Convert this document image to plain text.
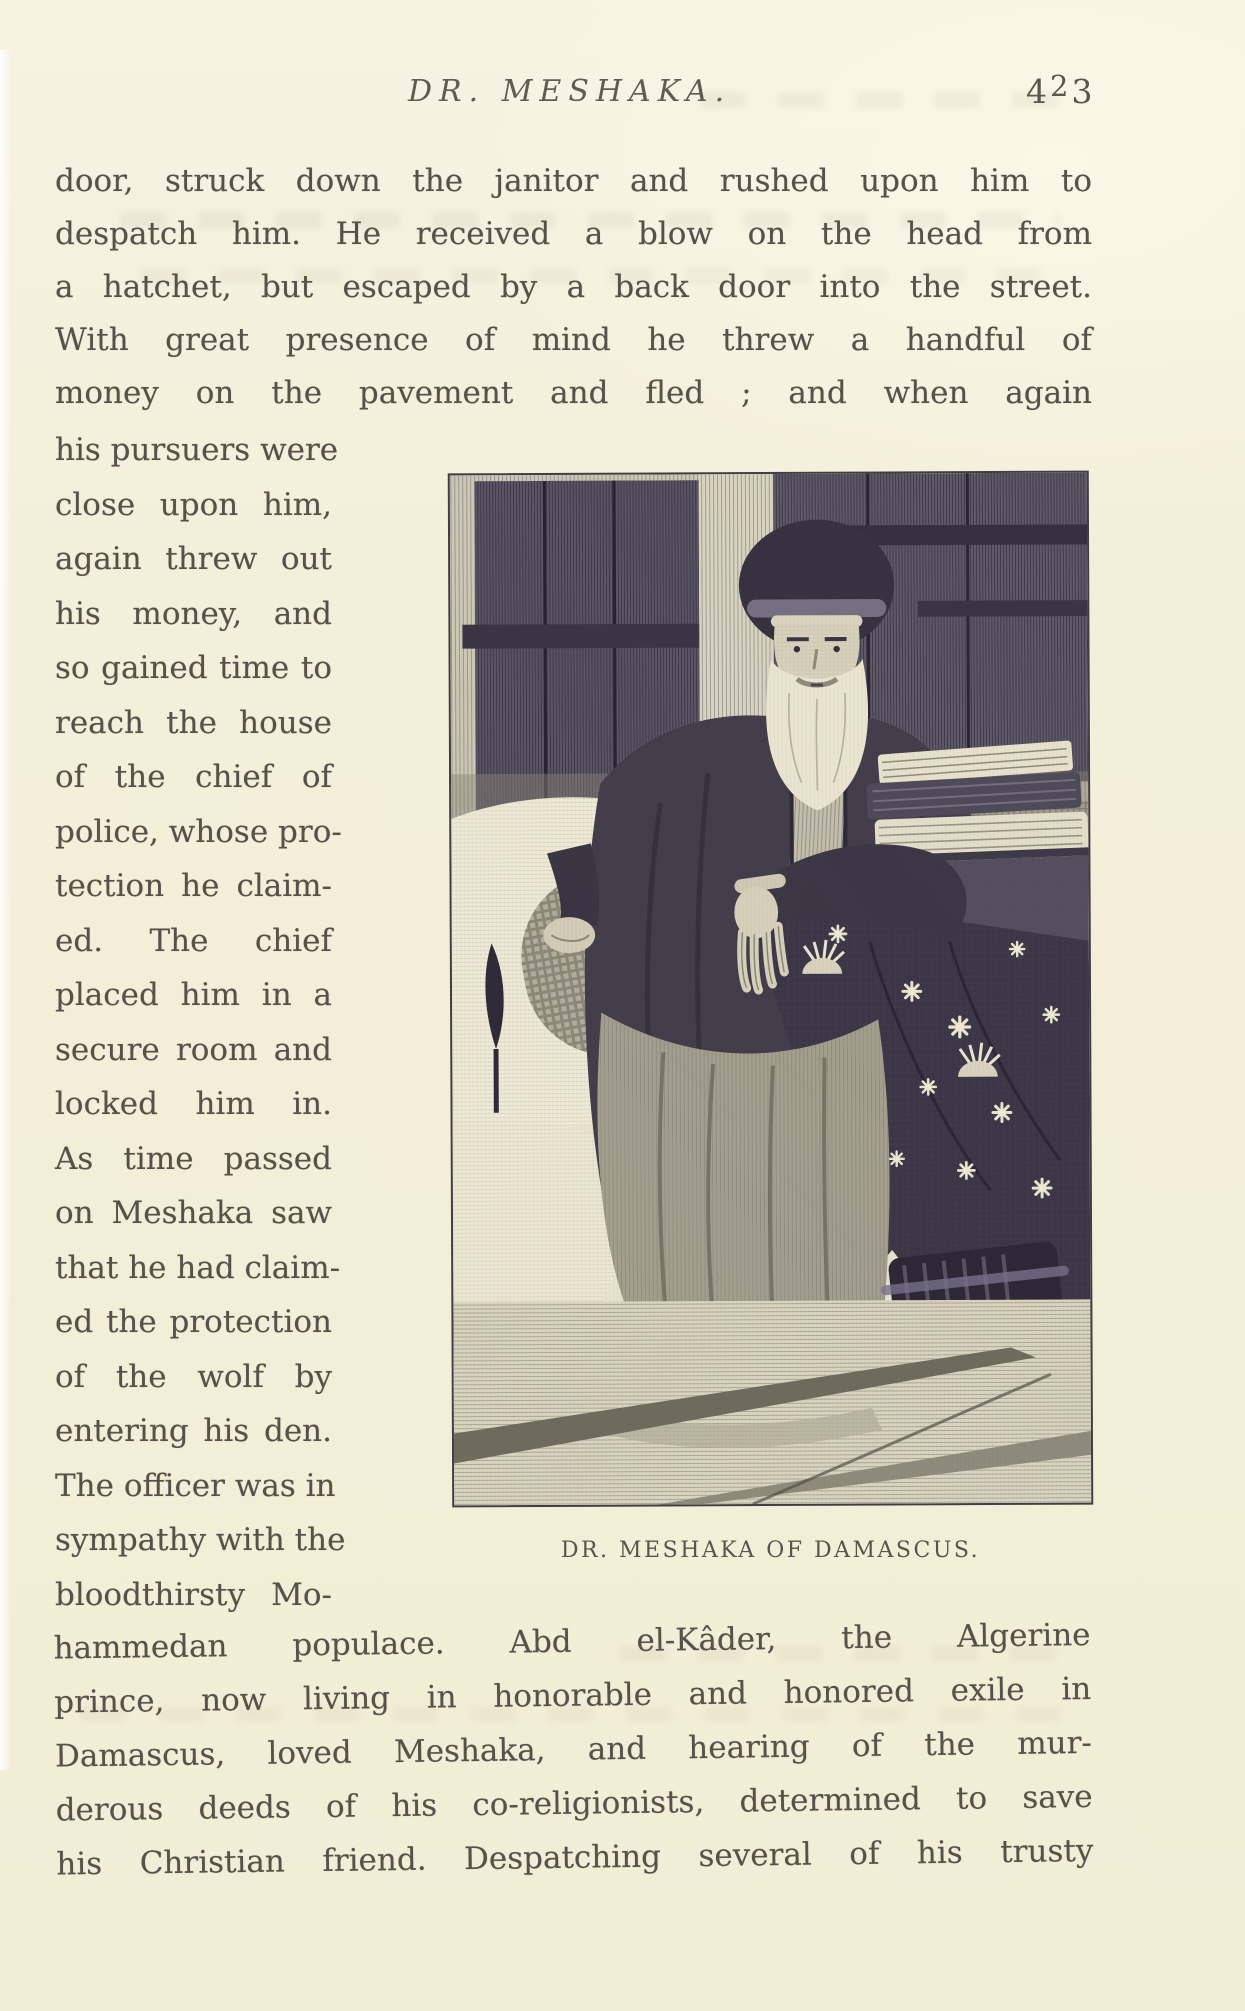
DR. MESHAKA.	423
door, struck down the janitor and rushed upon him to
despatch him. He received a blow on the head from
a hatchet, but escaped by a back door into the street.
With great presence of mind he threw a handful of
money on the pavement and fled ; and when again
his pursuers were
close upon him,
again threw out
his money, and
so gained time to
reach the house
of the chief of
police, whose pro-
tection he claim-
ed. The chief
placed him in a
secure room and
locked him in.
As time passed
on Meshaka saw
that he had claim-
ed the protection
of the wolf by
entering his den.
The officer was in
sympathy with the
bloodthirsty Mo-
DR. MESHAKA OF DAMASCUS.
hammedan populace. Abd el-Kâder, the Algerine
prince, now living in honorable and honored exile in
Damascus, loved Meshaka, and hearing of the mur-
derous deeds of his co-religionists, determined to save
his Christian friend. Despatching several of his trusty
